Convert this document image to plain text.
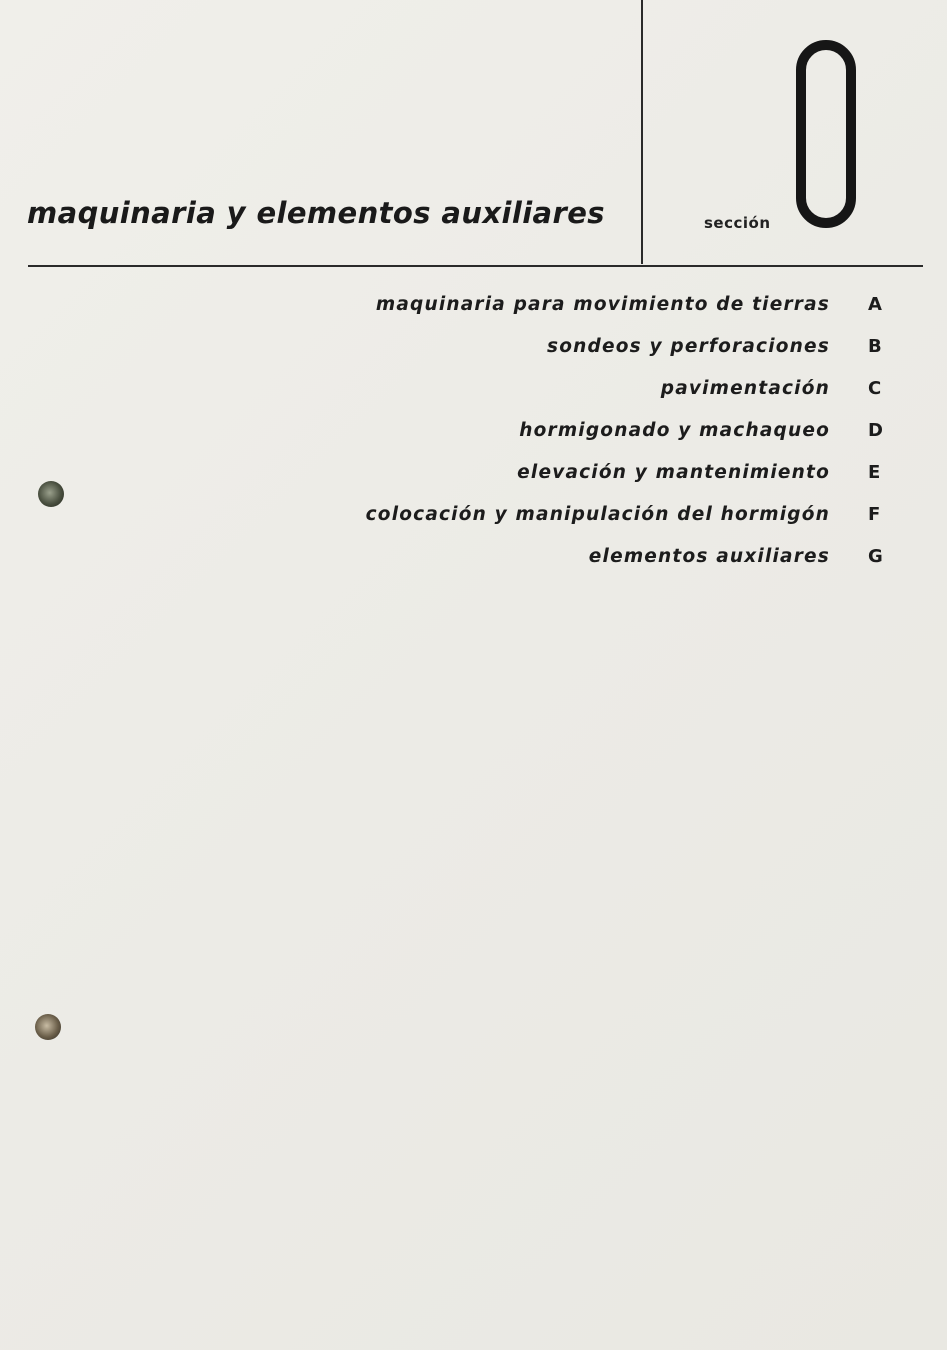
maquinaria y elementos auxiliares	sección
0
maquinaria para movimiento de tierras A
sondeos y perforaciones B
pavimentación C
hormigonado y machaqueo D
elevación y mantenimiento E
colocación y manipulación del hormigón F
elementos auxiliares G
